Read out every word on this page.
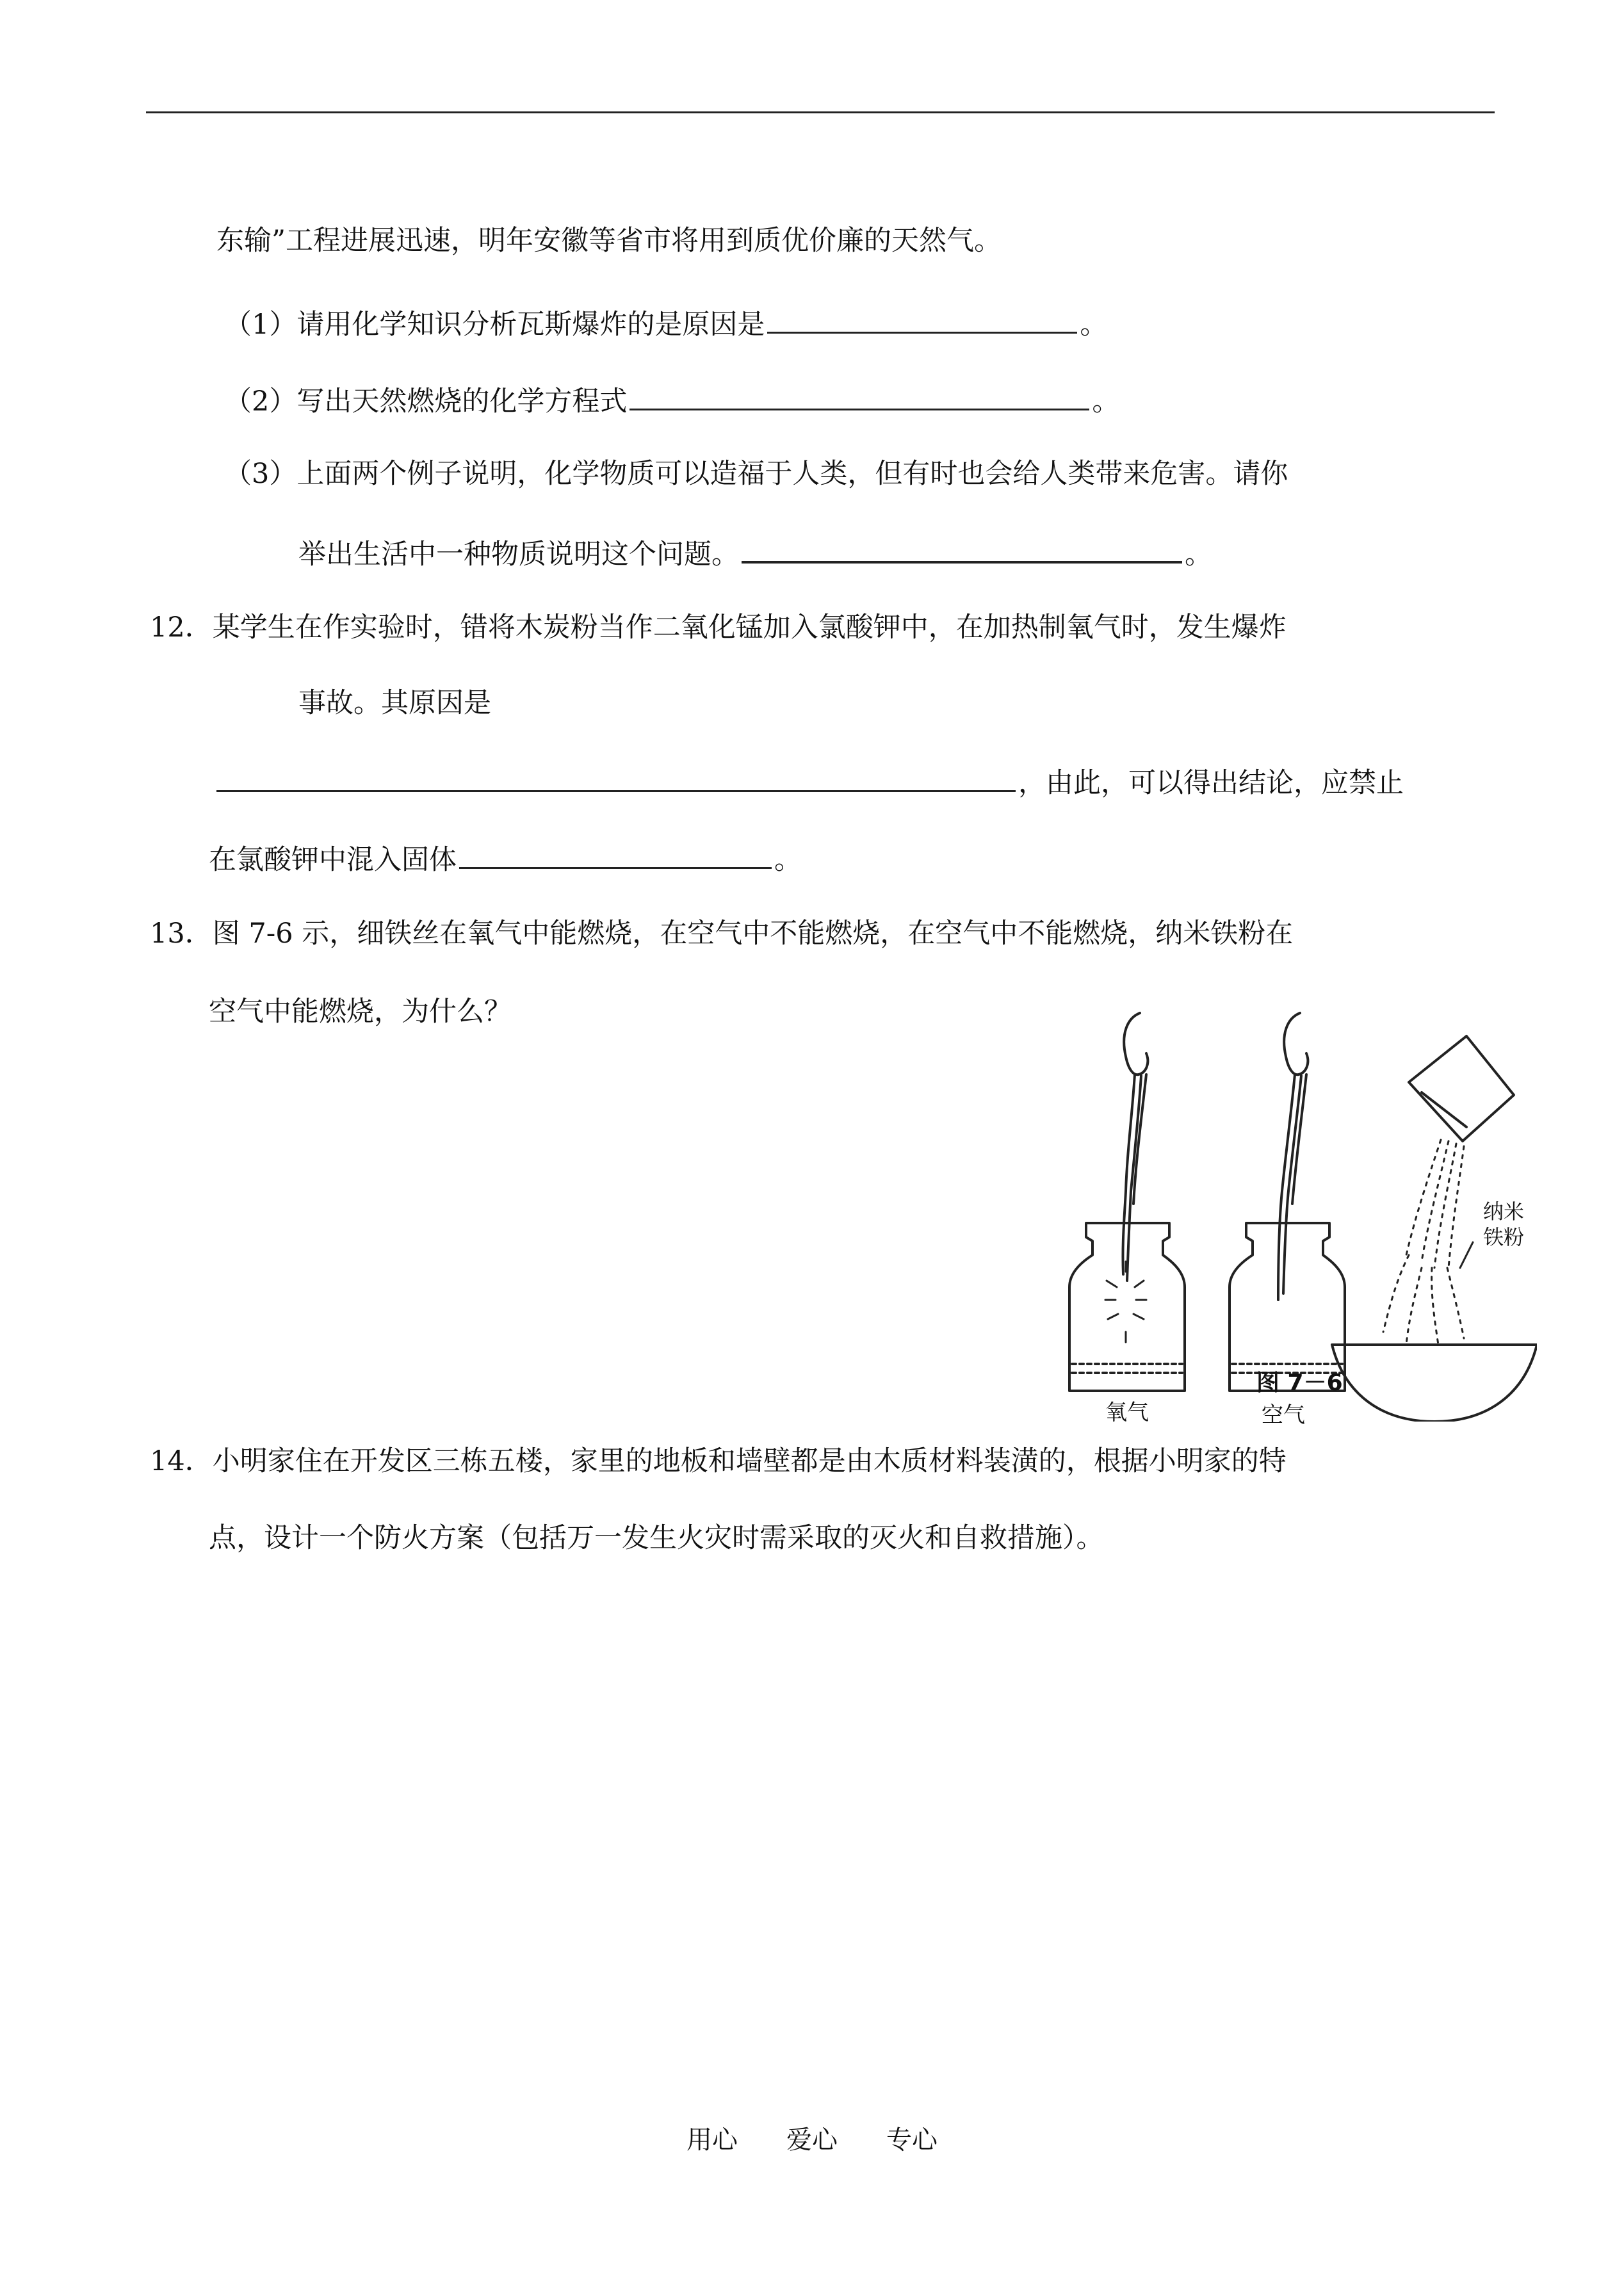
东输”工程进展迅速，明年安徽等省市将用到质优价廉的天然气。
（1）请用化学知识分析瓦斯爆炸的是原因是	。
（2）写出天然燃烧的化学方程式	。
（3）上面两个例子说明，化学物质可以造福于人类，但有时也会给人类带来危害。请你
举出生活中一种物质说明这个问题。	。
12．某学生在作实验时，错将木炭粉当作二氧化锰加入氯酸钾中，在加热制氧气时，发生爆炸
事故。其原因是
，由此，可以得出结论，应禁止
在氯酸钾中混入固体	。
13．图 7-6 示，细铁丝在氧气中能燃烧，在空气中不能燃烧，在空气中不能燃烧，纳米铁粉在
空气中能燃烧，为什么？
氧气	空气
纳米
铁粉
图 7－6
14．小明家住在开发区三栋五楼，家里的地板和墙壁都是由木质材料装潢的，根据小明家的特
点，设计一个防火方案（包括万一发生火灾时需采取的灭火和自救措施）。
用心 爱心 专心
